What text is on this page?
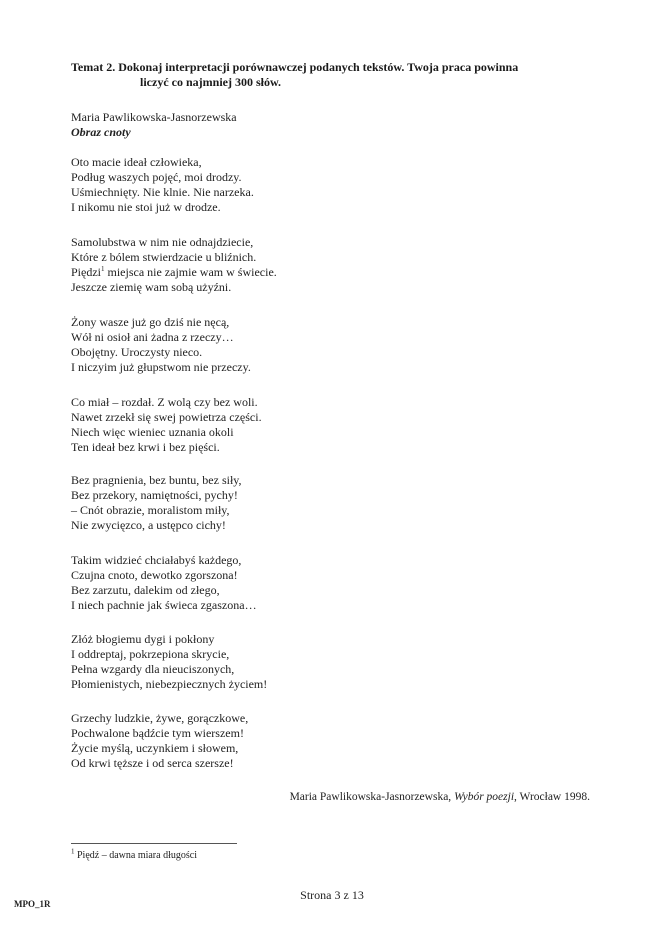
Temat 2. Dokonaj interpretacji porównawczej podanych tekstów. Twoja praca powinna
liczyć co najmniej 300 słów.
Maria Pawlikowska-Jasnorzewska
Obraz cnoty
Oto macie ideał człowieka,
Podług waszych pojęć, moi drodzy.
Uśmiechnięty. Nie klnie. Nie narzeka.
I nikomu nie stoi już w drodze.
Samolubstwa w nim nie odnajdziecie,
Które z bólem stwierdzacie u bliźnich.
Piędzi$^1$ miejsca nie zajmie wam w świecie.
Jeszcze ziemię wam sobą użyźni.
Żony wasze już go dziś nie nęcą,
Wół ni osioł ani żadna z rzeczy…
Obojętny. Uroczysty nieco.
I niczyim już głupstwom nie przeczy.
Co miał – rozdał. Z wolą czy bez woli.
Nawet zrzekł się swej powietrza części.
Niech więc wieniec uznania okoli
Ten ideał bez krwi i bez pięści.
Bez pragnienia, bez buntu, bez siły,
Bez przekory, namiętności, pychy!
– Cnót obrazie, moralistom miły,
Nie zwycięzco, a ustępco cichy!
Takim widzieć chciałabyś każdego,
Czujna cnoto, dewotko zgorszona!
Bez zarzutu, dalekim od złego,
I niech pachnie jak świeca zgaszona…
Złóż błogiemu dygi i pokłony
I oddreptaj, pokrzepiona skrycie,
Pełna wzgardy dla nieuciszonych,
Płomienistych, niebezpiecznych życiem!
Grzechy ludzkie, żywe, gorączkowe,
Pochwalone bądźcie tym wierszem!
Życie myślą, uczynkiem i słowem,
Od krwi tęższe i od serca szersze!
Maria Pawlikowska-Jasnorzewska, Wybór poezji, Wrocław 1998.
$^1$ Piędź – dawna miara długości
MPO_1R
Strona 3 z 13
